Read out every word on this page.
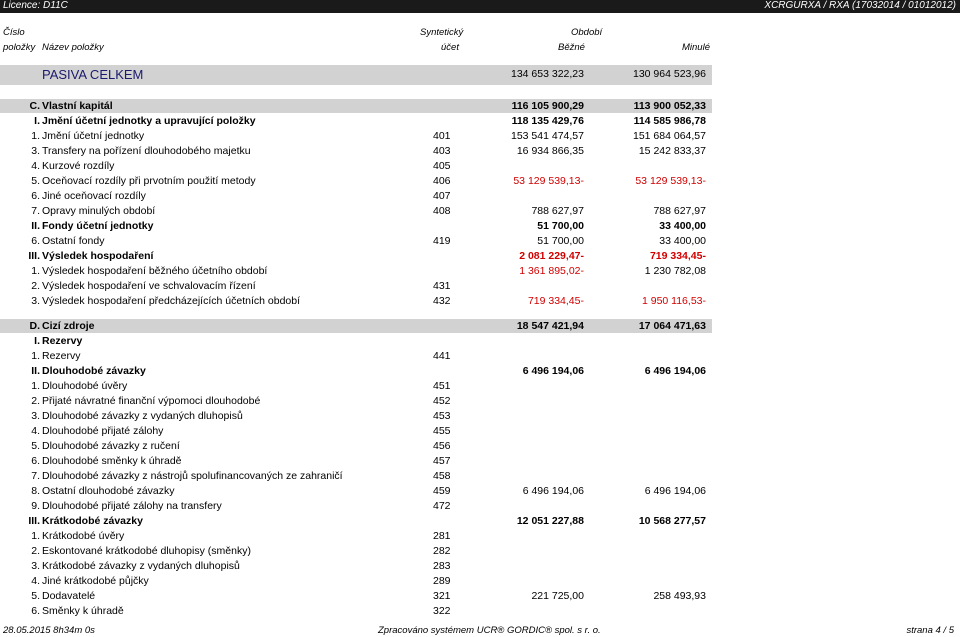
Licence: D11C	XCRGURXA / RXA (17032014 / 01012012)
Číslo
položky Název položky
Syntetický
účet
Období
Běžné	Minulé
PASIVA CELKEM	134 653 322,23	130 964 523,96
C. Vlastní kapitál	116 105 900,29	113 900 052,33
I. Jmění účetní jednotky a upravující položky	118 135 429,76	114 585 986,78
1. Jmění účetní jednotky	401	153 541 474,57	151 684 064,57
3. Transfery na pořízení dlouhodobého majetku	403	16 934 866,35	15 242 833,37
4. Kurzové rozdíly	405
5. Oceňovací rozdíly při prvotním použití metody	406	53 129 539,13-	53 129 539,13-
6. Jiné oceňovací rozdíly	407
7. Opravy minulých období	408	788 627,97	788 627,97
II. Fondy účetní jednotky	51 700,00	33 400,00
6. Ostatní fondy	419	51 700,00	33 400,00
III. Výsledek hospodaření	2 081 229,47-	719 334,45-
1. Výsledek hospodaření běžného účetního období	1 361 895,02-	1 230 782,08
2. Výsledek hospodaření ve schvalovacím řízení	431
3. Výsledek hospodaření předcházejících účetních období	432	719 334,45-	1 950 116,53-
D. Cizí zdroje	18 547 421,94	17 064 471,63
I. Rezervy
1. Rezervy	441
II. Dlouhodobé závazky	6 496 194,06	6 496 194,06
1. Dlouhodobé úvěry	451
2. Přijaté návratné finanční výpomoci dlouhodobé	452
3. Dlouhodobé závazky z vydaných dluhopisů	453
4. Dlouhodobé přijaté zálohy	455
5. Dlouhodobé závazky z ručení	456
6. Dlouhodobé směnky k úhradě	457
7. Dlouhodobé závazky z nástrojů spolufinancovaných ze zahraničí	458
8. Ostatní dlouhodobé závazky	459	6 496 194,06	6 496 194,06
9. Dlouhodobé přijaté zálohy na transfery	472
III. Krátkodobé závazky	12 051 227,88	10 568 277,57
1. Krátkodobé úvěry	281
2. Eskontované krátkodobé dluhopisy (směnky)	282
3. Krátkodobé závazky z vydaných dluhopisů	283
4. Jiné krátkodobé půjčky	289
5. Dodavatelé	321	221 725,00	258 493,93
6. Směnky k úhradě	322
28.05.2015 8h34m 0s	Zpracováno systémem UCR® GORDIC® spol. s r. o.	strana 4 / 5
